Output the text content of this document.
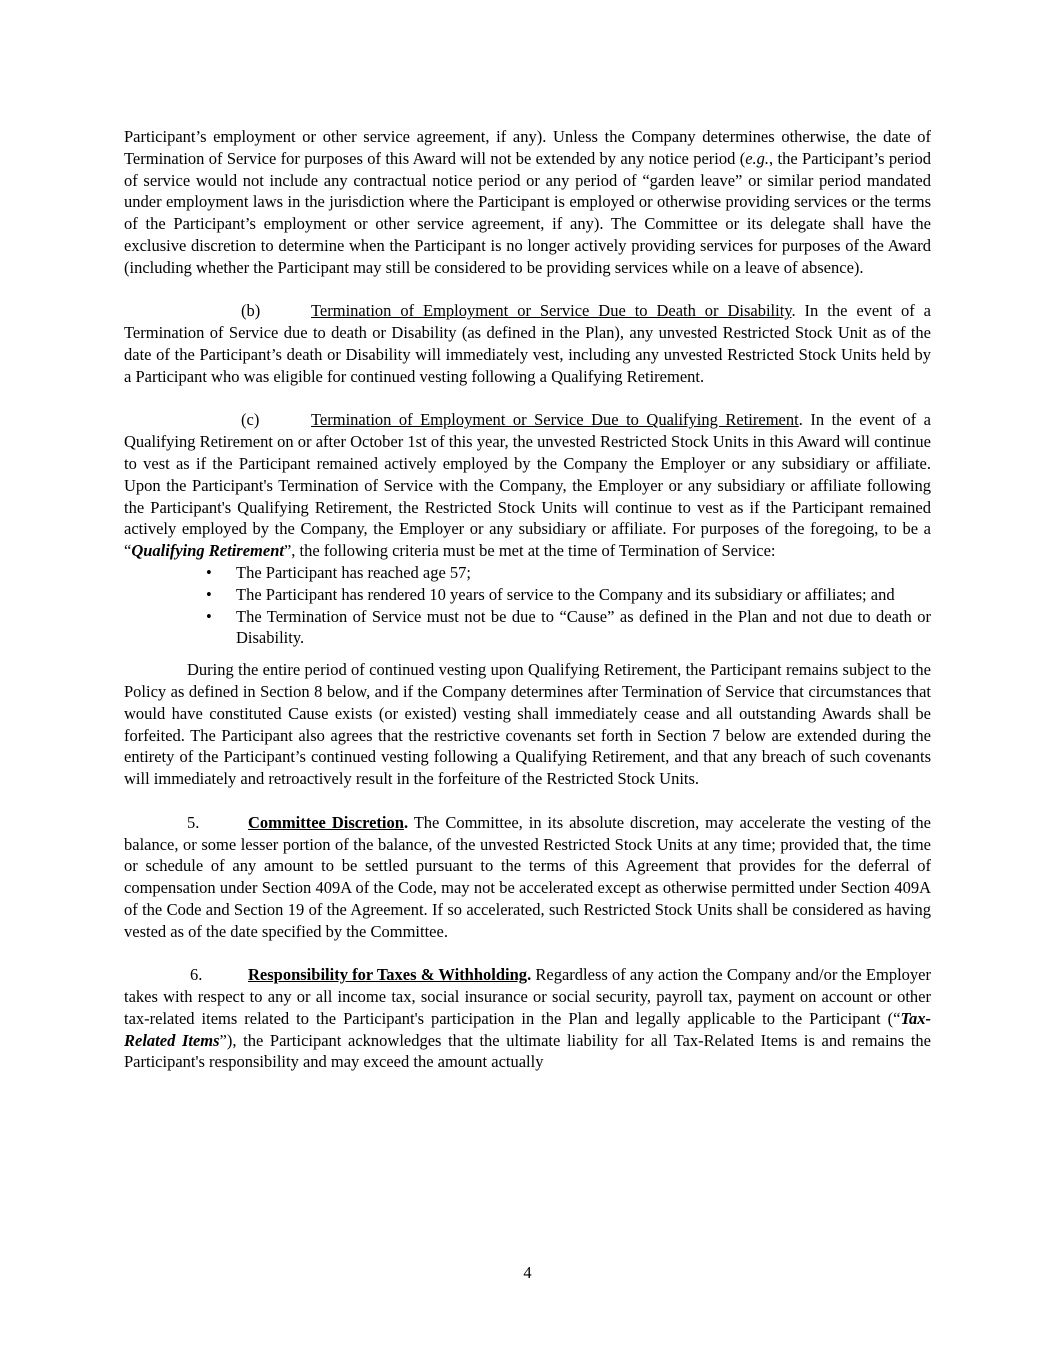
Participant’s employment or other service agreement, if any). Unless the Company determines otherwise, the date of Termination of Service for purposes of this Award will not be extended by any notice period (e.g., the Participant’s period of service would not include any contractual notice period or any period of “garden leave” or similar period mandated under employment laws in the jurisdiction where the Participant is employed or otherwise providing services or the terms of the Participant’s employment or other service agreement, if any). The Committee or its delegate shall have the exclusive discretion to determine when the Participant is no longer actively providing services for purposes of the Award (including whether the Participant may still be considered to be providing services while on a leave of absence).

(b)	Termination of Employment or Service Due to Death or Disability. In the event of a Termination of Service due to death or Disability (as defined in the Plan), any unvested Restricted Stock Unit as of the date of the Participant’s death or Disability will immediately vest, including any unvested Restricted Stock Units held by a Participant who was eligible for continued vesting following a Qualifying Retirement.

(c)	Termination of Employment or Service Due to Qualifying Retirement. In the event of a Qualifying Retirement on or after October 1st of this year, the unvested Restricted Stock Units in this Award will continue to vest as if the Participant remained actively employed by the Company the Employer or any subsidiary or affiliate. Upon the Participant's Termination of Service with the Company, the Employer or any subsidiary or affiliate following the Participant's Qualifying Retirement, the Restricted Stock Units will continue to vest as if the Participant remained actively employed by the Company, the Employer or any subsidiary or affiliate. For purposes of the foregoing, to be a “Qualifying Retirement”, the following criteria must be met at the time of Termination of Service:

• The Participant has reached age 57;
• The Participant has rendered 10 years of service to the Company and its subsidiary or affiliates; and
• The Termination of Service must not be due to “Cause” as defined in the Plan and not due to death or Disability.

During the entire period of continued vesting upon Qualifying Retirement, the Participant remains subject to the Policy as defined in Section 8 below, and if the Company determines after Termination of Service that circumstances that would have constituted Cause exists (or existed) vesting shall immediately cease and all outstanding Awards shall be forfeited. The Participant also agrees that the restrictive covenants set forth in Section 7 below are extended during the entirety of the Participant’s continued vesting following a Qualifying Retirement, and that any breach of such covenants will immediately and retroactively result in the forfeiture of the Restricted Stock Units.

5.	Committee Discretion. The Committee, in its absolute discretion, may accelerate the vesting of the balance, or some lesser portion of the balance, of the unvested Restricted Stock Units at any time; provided that, the time or schedule of any amount to be settled pursuant to the terms of this Agreement that provides for the deferral of compensation under Section 409A of the Code, may not be accelerated except as otherwise permitted under Section 409A of the Code and Section 19 of the Agreement. If so accelerated, such Restricted Stock Units shall be considered as having vested as of the date specified by the Committee.

6.	Responsibility for Taxes & Withholding. Regardless of any action the Company and/or the Employer takes with respect to any or all income tax, social insurance or social security, payroll tax, payment on account or other tax-related items related to the Participant's participation in the Plan and legally applicable to the Participant (“Tax-Related Items”), the Participant acknowledges that the ultimate liability for all Tax-Related Items is and remains the Participant's responsibility and may exceed the amount actually

4
